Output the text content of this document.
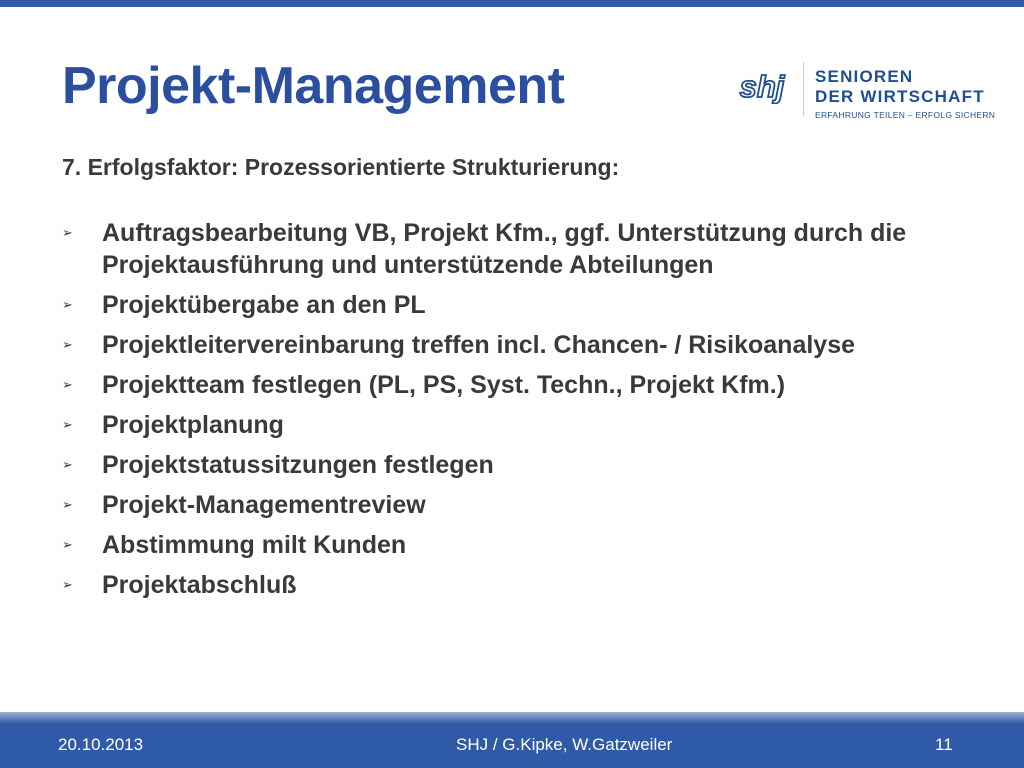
Projekt-Management	shj SENIOREN
DER WIRTSCHAFT
ERFAHRUNG TEILEN – ERFOLG SICHERN
7. Erfolgsfaktor: Prozessorientierte Strukturierung:
➢ Auftragsbearbeitung VB, Projekt Kfm., ggf. Unterstützung durch die Projektausführung und unterstützende Abteilungen
➢ Projektübergabe an den PL
➢ Projektleitervereinbarung treffen incl. Chancen- / Risikoanalyse
➢ Projektteam festlegen (PL, PS, Syst. Techn., Projekt Kfm.)
➢ Projektplanung
➢ Projektstatussitzungen festlegen
➢ Projekt-Managementreview
➢ Abstimmung milt Kunden
➢ Projektabschluß
20.10.2013	SHJ / G.Kipke, W.Gatzweiler	11
